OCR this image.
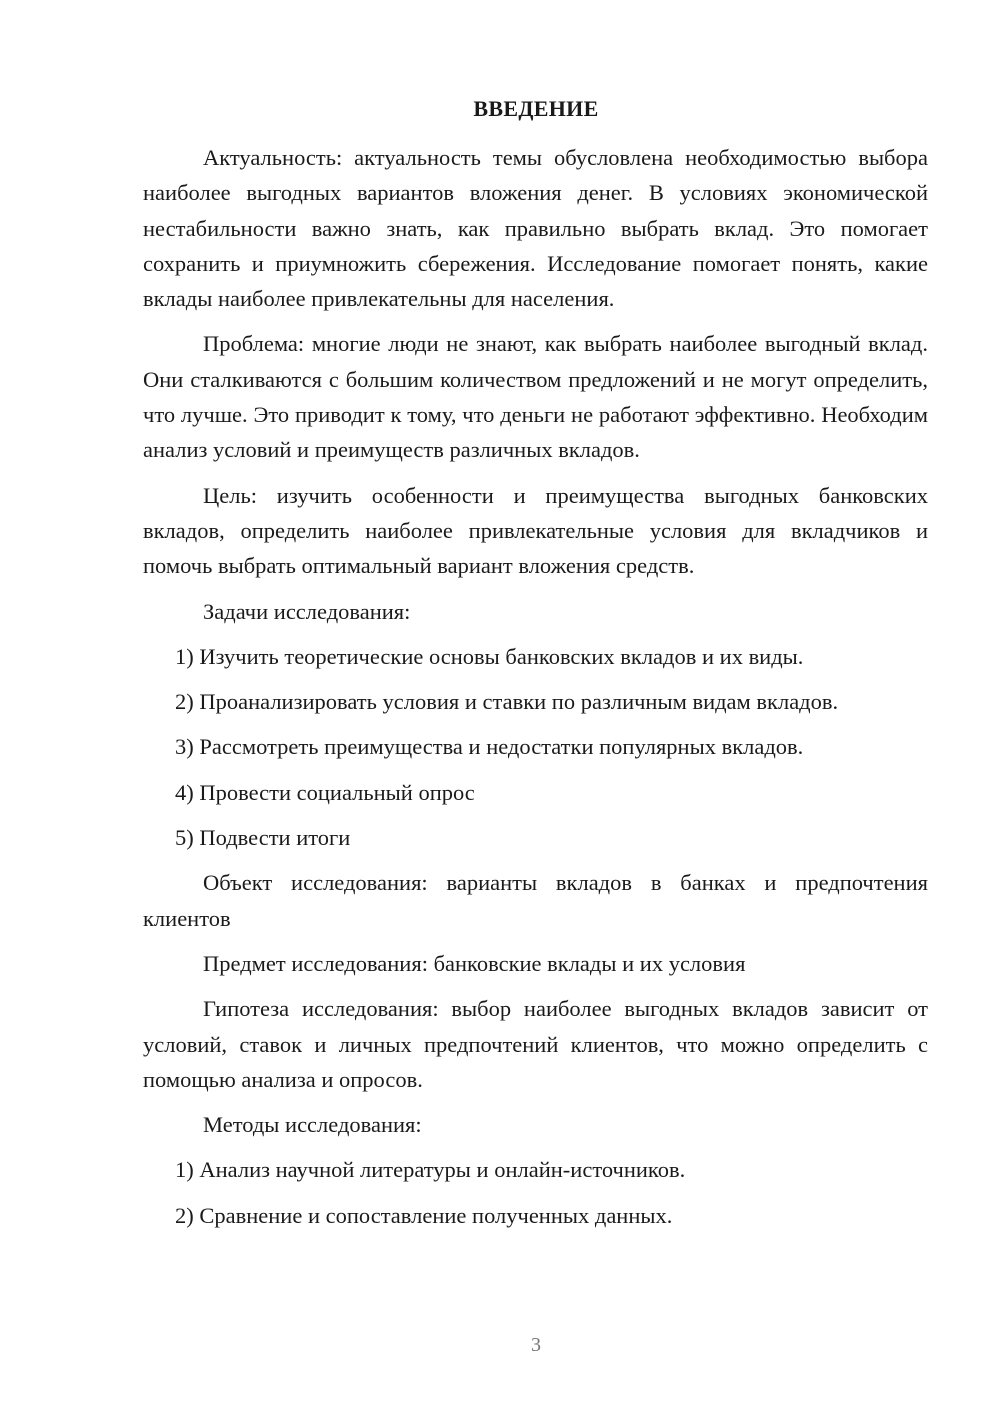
ВВЕДЕНИЕ

Актуальность: актуальность темы обусловлена необходимостью выбора наиболее выгодных вариантов вложения денег. В условиях экономической нестабильности важно знать, как правильно выбрать вклад. Это помогает сохранить и приумножить сбережения. Исследование помогает понять, какие вклады наиболее привлекательны для населения.

Проблема: многие люди не знают, как выбрать наиболее выгодный вклад. Они сталкиваются с большим количеством предложений и не могут определить, что лучше. Это приводит к тому, что деньги не работают эффективно. Необходим анализ условий и преимуществ различных вкладов.

Цель: изучить особенности и преимущества выгодных банковских вкладов, определить наиболее привлекательные условия для вкладчиков и помочь выбрать оптимальный вариант вложения средств.

Задачи исследования:

1) Изучить теоретические основы банковских вкладов и их виды.
2) Проанализировать условия и ставки по различным видам вкладов.
3) Рассмотреть преимущества и недостатки популярных вкладов.
4) Провести социальный опрос
5) Подвести итоги

Объект исследования: варианты вкладов в банках и предпочтения клиентов

Предмет исследования: банковские вклады и их условия

Гипотеза исследования: выбор наиболее выгодных вкладов зависит от условий, ставок и личных предпочтений клиентов, что можно определить с помощью анализа и опросов.

Методы исследования:

1) Анализ научной литературы и онлайн-источников.
2) Сравнение и сопоставление полученных данных.
3
